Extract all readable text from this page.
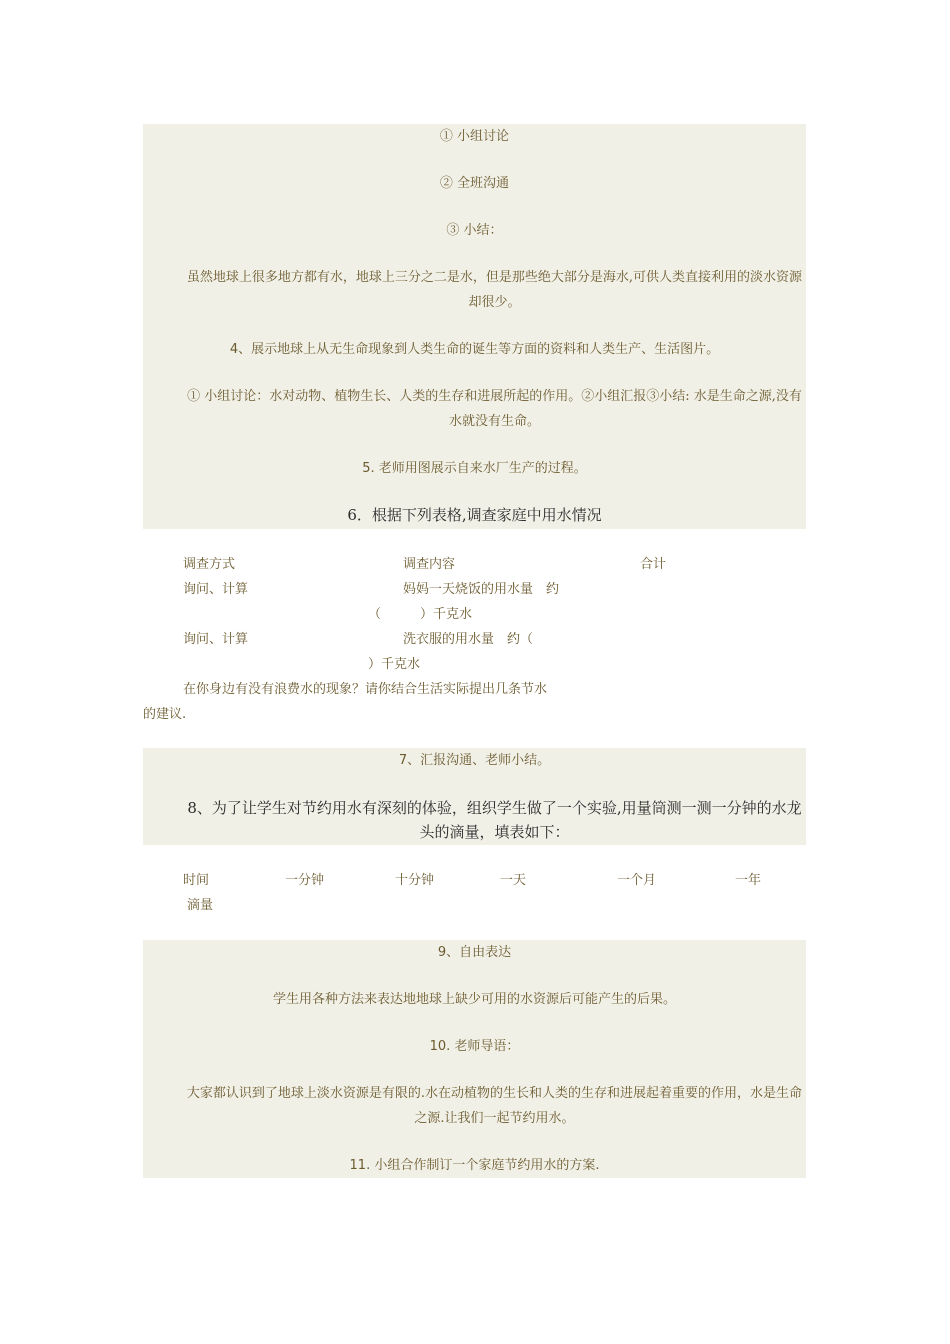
① 小组讨论
② 全班沟通
③ 小结：
虽然地球上很多地方都有水，地球上三分之二是水，但是那些绝大部分是海水,可供人类直接利用的淡水资源却很少。
4、展示地球上从无生命现象到人类生命的诞生等方面的资料和人类生产、生活图片。
① 小组讨论：水对动物、植物生长、人类的生存和进展所起的作用。②小组汇报③小结: 水是生命之源,没有水就没有生命。
5. 老师用图展示自来水厂生产的过程。
6．根据下列表格,调查家庭中用水情况
调查方式	调查内容	合计
询问、计算	妈妈一天烧饭的用水量　约
（　　　）千克水
询问、计算	洗衣服的用水量　约（
）千克水
在你身边有没有浪费水的现象？请你结合生活实际提出几条节水
的建议.
7、汇报沟通、老师小结。
8、为了让学生对节约用水有深刻的体验，组织学生做了一个实验,用量筒测一测一分钟的水龙头的滴量，填表如下：
时间	一分钟	十分钟	一天	一个月	一年
滴量
9、自由表达
学生用各种方法来表达地地球上缺少可用的水资源后可能产生的后果。
10. 老师导语：
大家都认识到了地球上淡水资源是有限的.水在动植物的生长和人类的生存和进展起着重要的作用，水是生命之源.让我们一起节约用水。
11. 小组合作制订一个家庭节约用水的方案.
